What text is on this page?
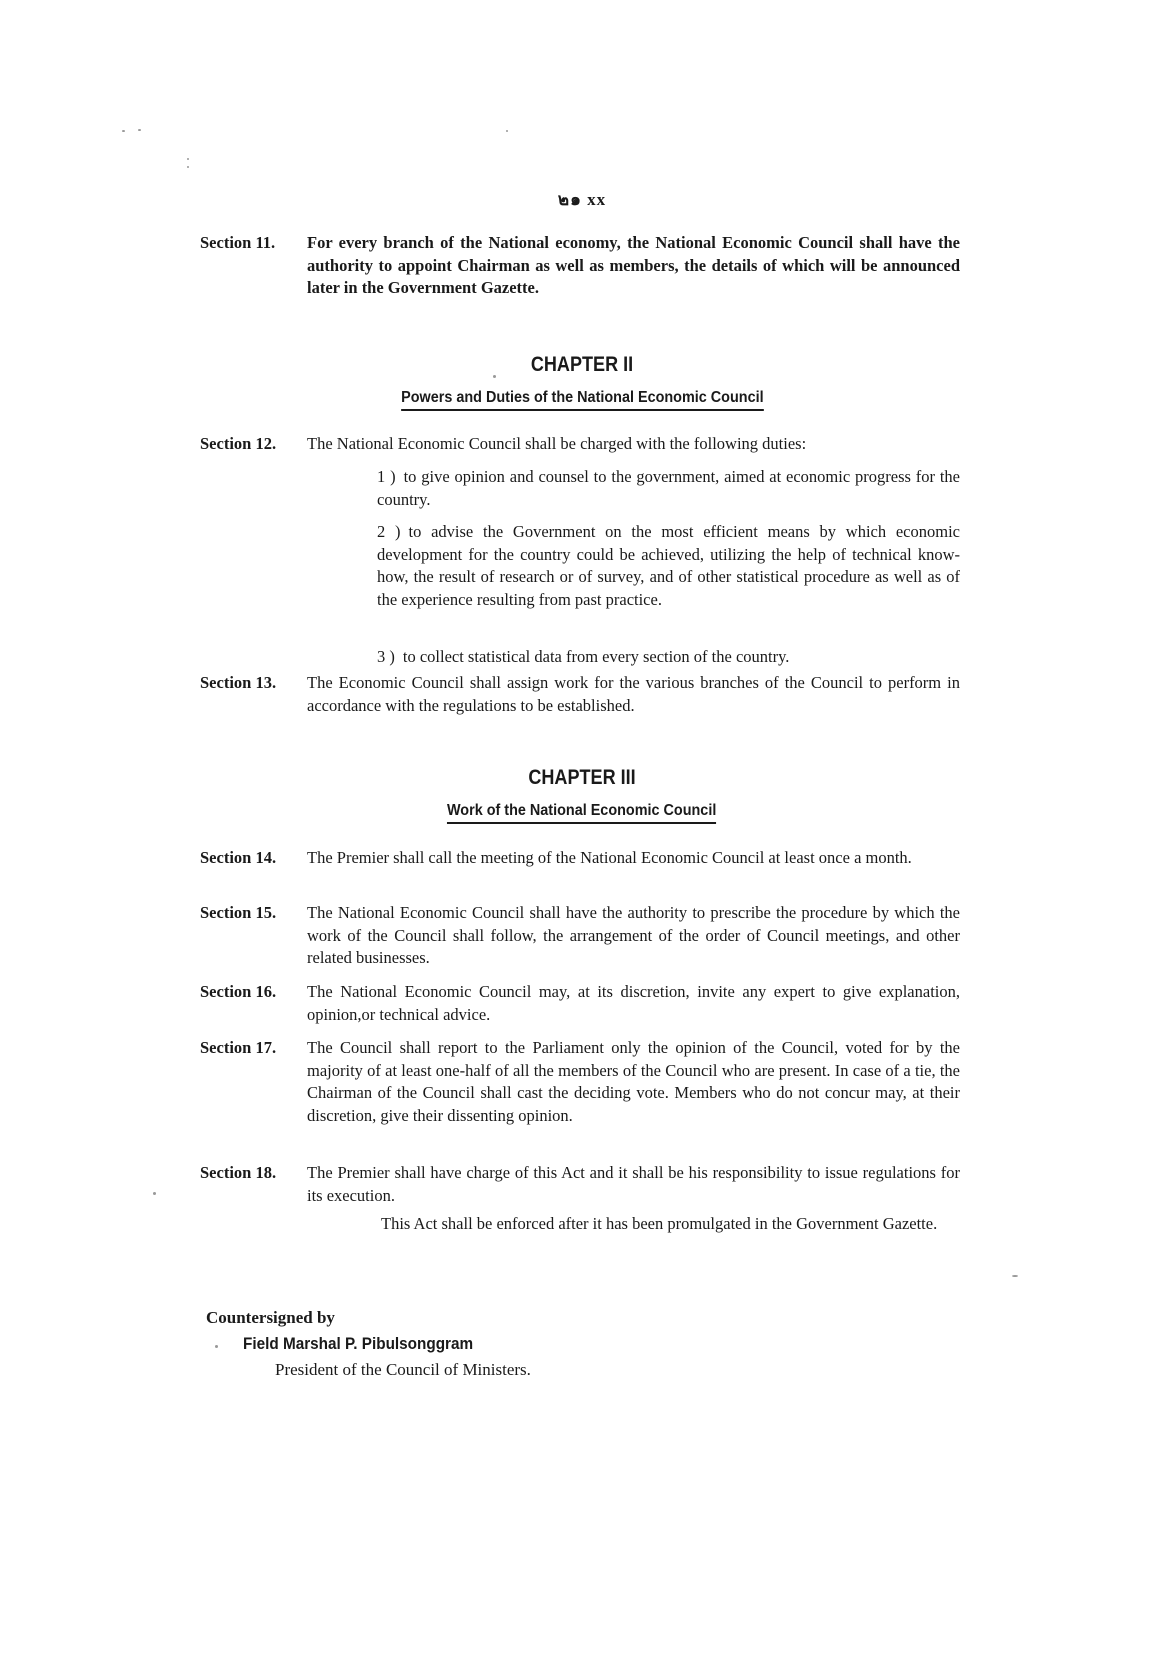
๒๑ xx
Section 11.	For every branch of the National economy, the National Economic Council shall have the authority to appoint Chairman as well as members, the details of which will be announced later in the Government Gazette.
CHAPTER II
Powers and Duties of the National Economic Council
Section 12.	The National Economic Council shall be charged with the following duties:
1 ) to give opinion and counsel to the government, aimed at economic progress for the country.
2 ) to advise the Government on the most efficient means by which economic development for the country could be achieved, utilizing the help of technical know-how, the result of research or of survey, and of other statistical procedure as well as of the experience resulting from past practice.
3 ) to collect statistical data from every section of the country.
Section 13.	The Economic Council shall assign work for the various branches of the Council to perform in accordance with the regulations to be established.
CHAPTER III
Work of the National Economic Council
Section 14.	The Premier shall call the meeting of the National Economic Council at least once a month.
Section 15.	The National Economic Council shall have the authority to prescribe the procedure by which the work of the Council shall follow, the arrangement of the order of Council meetings, and other related businesses.
Section 16.	The National Economic Council may, at its discretion, invite any expert to give explanation, opinion,or technical advice.
Section 17.	The Council shall report to the Parliament only the opinion of the Council, voted for by the majority of at least one-half of all the members of the Council who are present. In case of a tie, the Chairman of the Council shall cast the deciding vote. Members who do not concur may, at their discretion, give their dissenting opinion.
Section 18.	The Premier shall have charge of this Act and it shall be his responsibility to issue regulations for its execution.
This Act shall be enforced after it has been promulgated in the Government Gazette.
Countersigned by
Field Marshal P. Pibulsonggram
President of the Council of Ministers.
